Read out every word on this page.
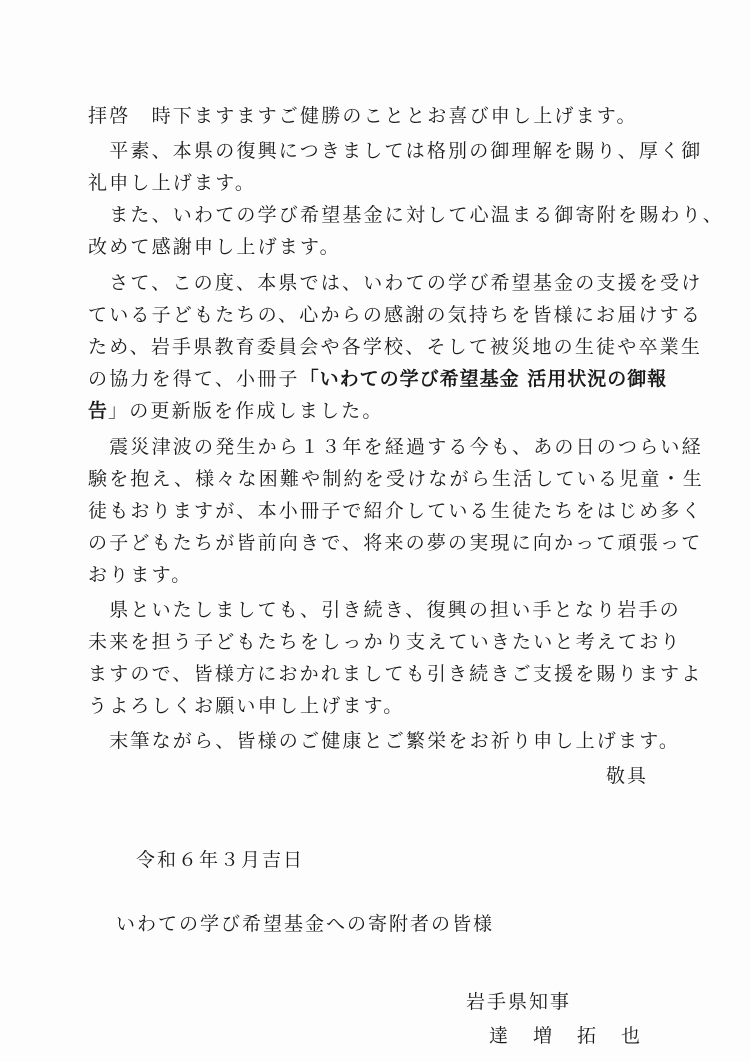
拝啓　時下ますますご健勝のこととお喜び申し上げます。
　平素、本県の復興につきましては格別の御理解を賜り、厚く御
礼申し上げます。
　また、いわての学び希望基金に対して心温まる御寄附を賜わり、
改めて感謝申し上げます。
　さて、この度、本県では、いわての学び希望基金の支援を受け
ている子どもたちの、心からの感謝の気持ちを皆様にお届けする
ため、岩手県教育委員会や各学校、そして被災地の生徒や卒業生
の協力を得て、小冊子「いわての学び希望基金 活用状況の御報
告」の更新版を作成しました。
　震災津波の発生から１３年を経過する今も、あの日のつらい経
験を抱え、様々な困難や制約を受けながら生活している児童・生
徒もおりますが、本小冊子で紹介している生徒たちをはじめ多く
の子どもたちが皆前向きで、将来の夢の実現に向かって頑張って
おります。
　県といたしましても、引き続き、復興の担い手となり岩手の
未来を担う子どもたちをしっかり支えていきたいと考えており
ますので、皆様方におかれましても引き続きご支援を賜りますよ
うよろしくお願い申し上げます。
　末筆ながら、皆様のご健康とご繁栄をお祈り申し上げます。
敬具
令和６年３月吉日
いわての学び希望基金への寄附者の皆様
岩手県知事
達　増　拓　也
